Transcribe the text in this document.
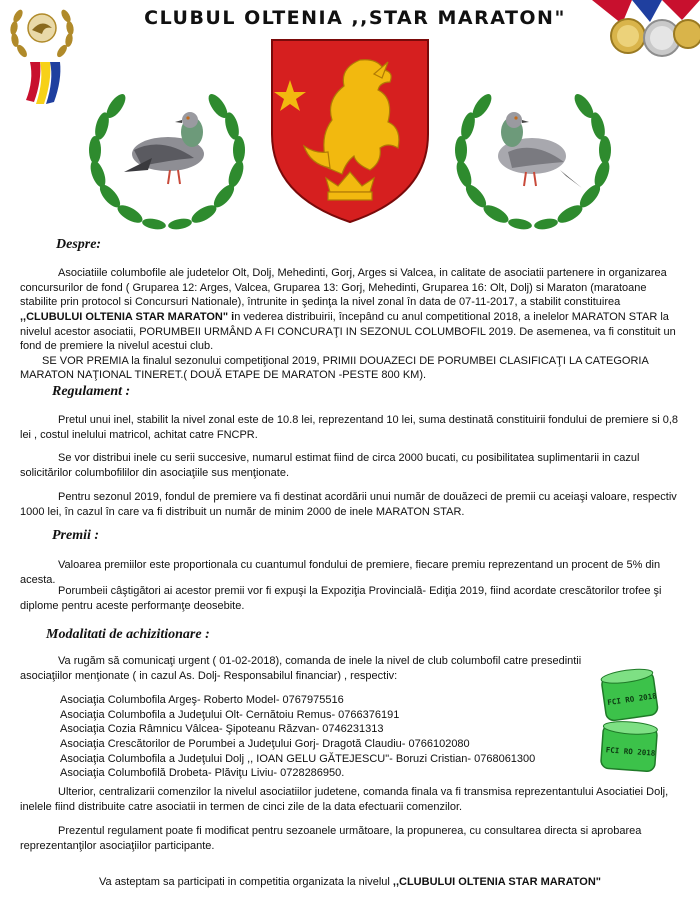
CLUBUL OLTENIA ,,STAR MARATON"
Despre:

Asociatiile columbofile ale judetelor Olt, Dolj, Mehedinti, Gorj, Arges si Valcea, in calitate de asociatii partenere in organizarea concursurilor de fond ( Gruparea 12: Arges, Valcea, Gruparea 13: Gorj, Mehedinti, Gruparea 16: Olt, Dolj) si Maraton (maratoane stabilite prin protocol si Concursuri Nationale), întrunite in şedinţa la nivel zonal în data de 07-11-2017, a stabilit constituirea ,,CLUBULUI OLTENIA STAR MARATON" in vederea distribuirii, începând cu anul competitional 2018, a inelelor MARATON STAR la nivelul acestor asociatii, PORUMBEII URMÂND A FI CONCURAŢI IN SEZONUL COLUMBOFIL 2019. De asemenea, va fi constituit un fond de premiere la nivelul acestui club.

SE VOR PREMIA la finalul sezonului competiţional 2019, PRIMII DOUAZECI DE PORUMBEI CLASIFICAŢI LA CATEGORIA MARATON NAŢIONAL TINERET.( DOUĂ ETAPE DE MARATON -PESTE 800 KM).

Regulament :
Pretul unui inel, stabilit la nivel zonal este de 10.8 lei, reprezentand 10 lei, suma destinată constituirii fondului de premiere si 0,8 lei , costul inelului matricol, achitat catre FNCPR.
Se vor distribui inele cu serii succesive, numarul estimat fiind de circa 2000 bucati, cu posibilitatea suplimentarii in cazul solicitărilor columbofililor din asociaţiile sus menţionate.
Pentru sezonul 2019, fondul de premiere va fi destinat acordării unui număr de douăzeci de premii cu aceiaşi valoare, respectiv 1000 lei, în cazul în care va fi distribuit un număr de minim 2000 de inele MARATON STAR.
Premii :
Valoarea premiilor este proportionala cu cuantumul fondului de premiere, fiecare premiu reprezentand un procent de 5% din acesta.
Porumbeii câştigători ai acestor premii vor fi expuşi la Expoziţia Provincială- Ediţia 2019, fiind acordate crescătorilor trofee şi diplome pentru aceste performanţe deosebite.
Modalitati de achizitionare :
Va rugăm să comunicaţi urgent ( 01-02-2018), comanda de inele la nivel de club columbofil catre presedintii asociaţiilor menţionate ( in cazul As. Dolj- Responsabilul financiar) , respectiv:
Asociaţia Columbofila Argeş- Roberto Model- 0767975516
Asociaţia Columbofila a Judeţului Olt- Cernătoiu Remus- 0766376191
Asociaţia Cozia Râmnicu Vâlcea- Şipoteanu Răzvan- 0746231313
Asociaţia Crescătorilor de Porumbei a Judeţului Gorj- Dragotă Claudiu- 0766102080
Asociaţia Columbofila a Judeţului Dolj ,, IOAN GELU GĂTEJESCU"- Boruzi Cristian- 0768061300
Asociaţia Columbofilă Drobeta- Plăviţu Liviu- 0728286950.
FCI RO 2018
FCI RO 2018
Ulterior, centralizarii comenzilor la nivelul asociatiilor judetene, comanda finala va fi transmisa reprezentantului Asociatiei Dolj, inelele fiind distribuite catre asociatii in termen de cinci zile de la data efectuarii comenzilor.
Prezentul regulament poate fi modificat pentru sezoanele următoare, la propunerea, cu consultarea directa si aprobarea reprezentanţilor asociaţiilor participante.
Va asteptam sa participati in competitia organizata la nivelul ,,CLUBULUI OLTENIA STAR MARATON"
